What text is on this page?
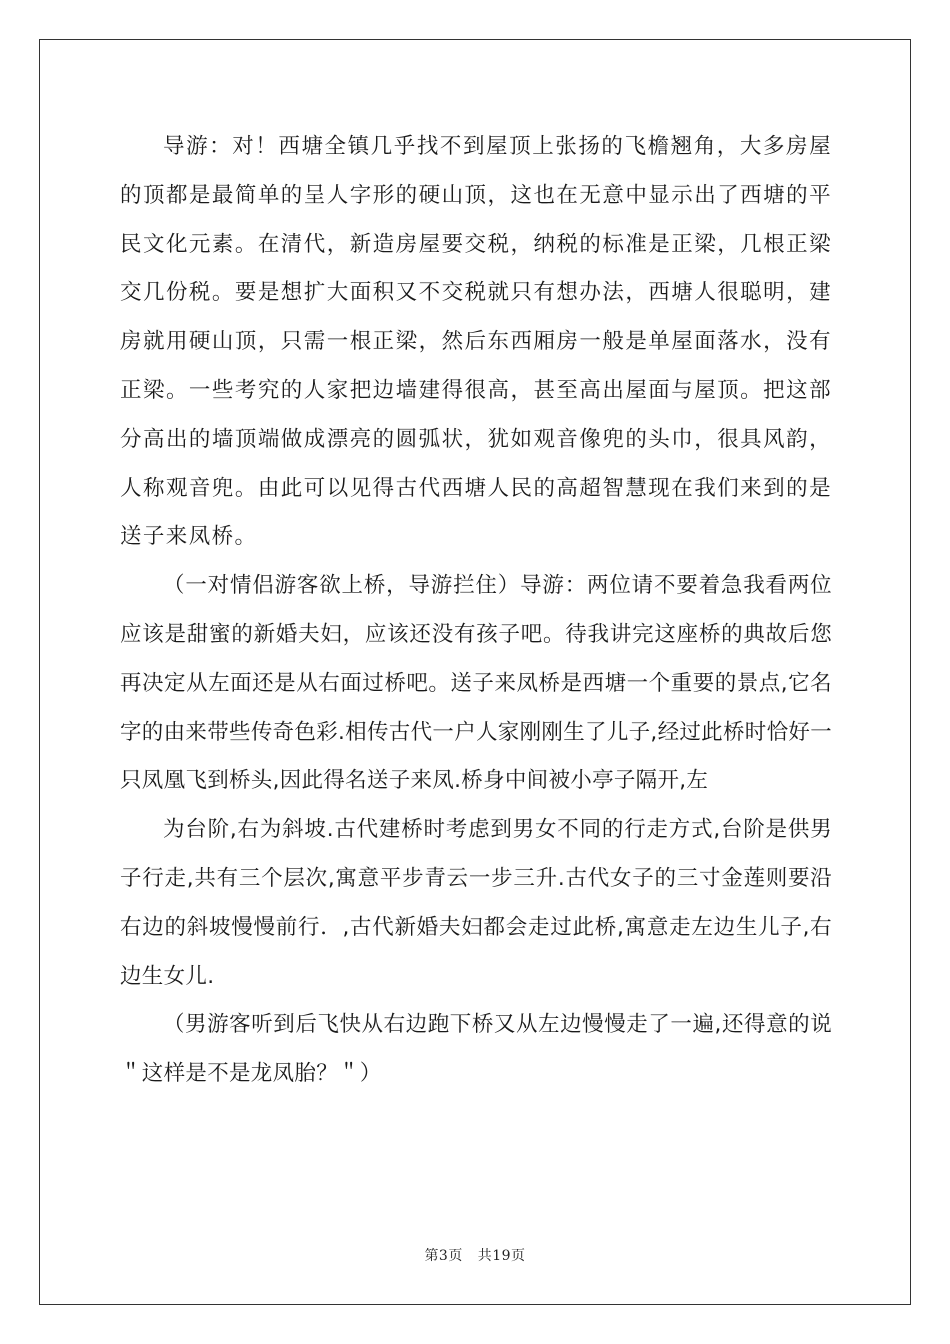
导游：对！西塘全镇几乎找不到屋顶上张扬的飞檐翘角，大多房屋的顶都是最简单的呈人字形的硬山顶，这也在无意中显示出了西塘的平民文化元素。在清代，新造房屋要交税，纳税的标准是正梁，几根正梁交几份税。要是想扩大面积又不交税就只有想办法，西塘人很聪明，建房就用硬山顶，只需一根正梁，然后东西厢房一般是单屋面落水，没有正梁。一些考究的人家把边墙建得很高，甚至高出屋面与屋顶。把这部分高出的墙顶端做成漂亮的圆弧状，犹如观音像兜的头巾，很具风韵，人称观音兜。由此可以见得古代西塘人民的高超智慧现在我们来到的是送子来凤桥。

（一对情侣游客欲上桥，导游拦住）导游：两位请不要着急我看两位应该是甜蜜的新婚夫妇，应该还没有孩子吧。待我讲完这座桥的典故后您再决定从左面还是从右面过桥吧。送子来凤桥是西塘一个重要的景点,它名字的由来带些传奇色彩.相传古代一户人家刚刚生了儿子,经过此桥时恰好一只凤凰飞到桥头,因此得名送子来凤.桥身中间被小亭子隔开,左

为台阶,右为斜坡.古代建桥时考虑到男女不同的行走方式,台阶是供男子行走,共有三个层次,寓意平步青云一步三升.古代女子的三寸金莲则要沿右边的斜坡慢慢前行．,古代新婚夫妇都会走过此桥,寓意走左边生儿子,右边生女儿.

（男游客听到后飞快从右边跑下桥又从左边慢慢走了一遍,还得意的说＂这样是不是龙凤胎？＂）

第3页 共19页
